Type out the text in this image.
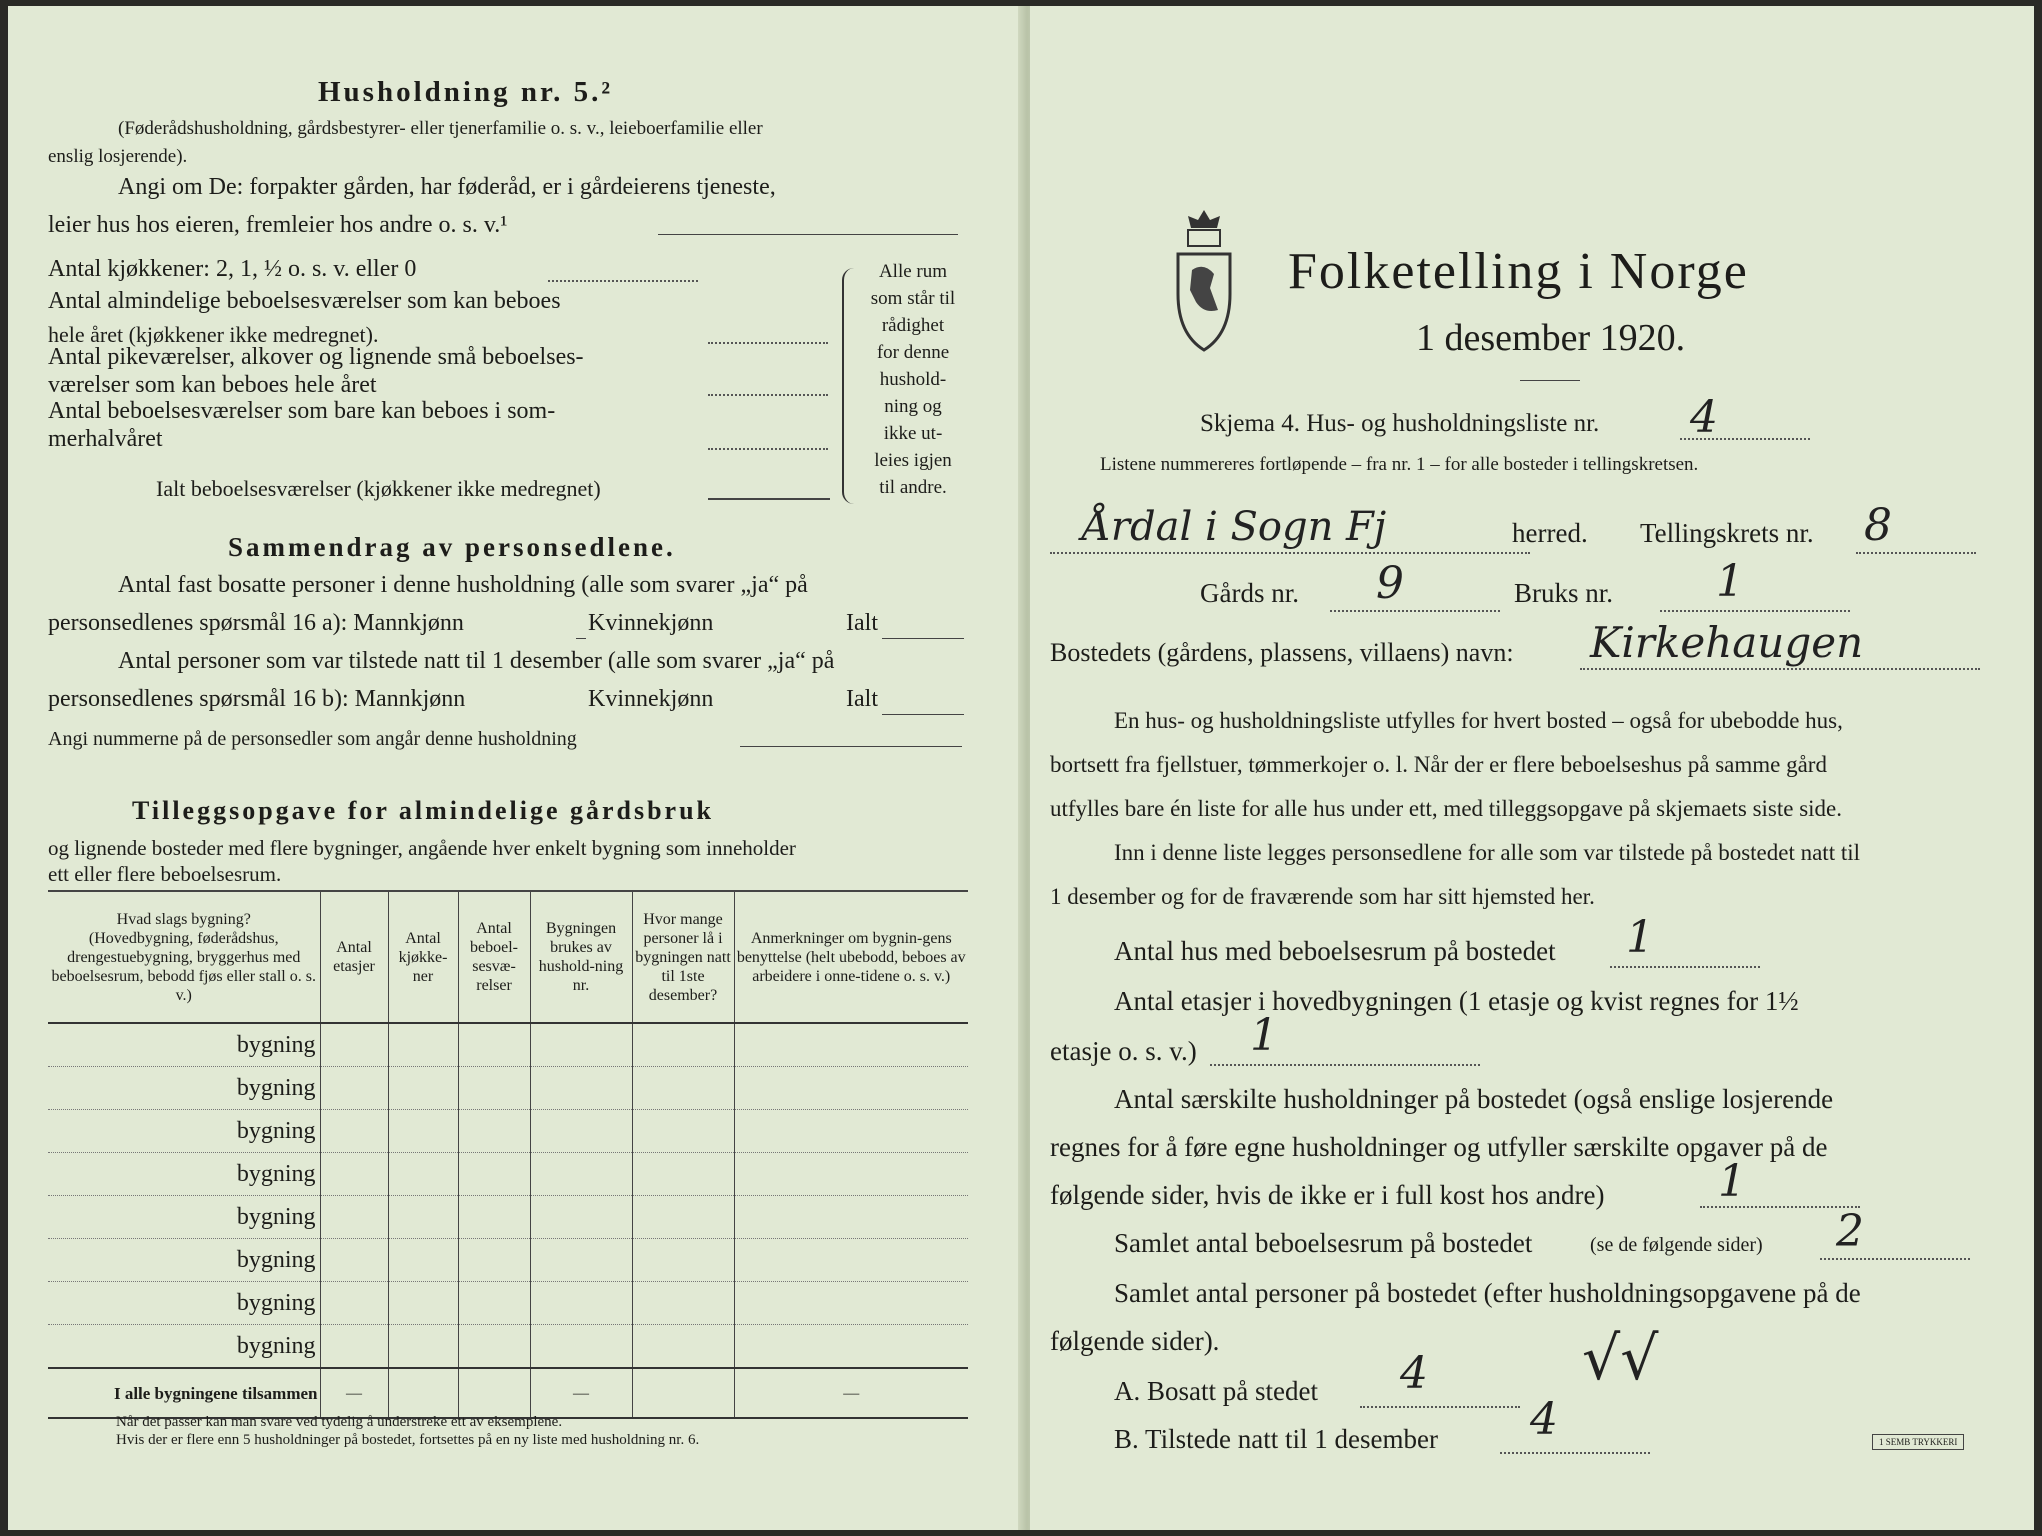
Husholdning nr. 5.²
(Føderådshusholdning, gårdsbestyrer- eller tjenerfamilie o. s. v., leieboerfamilie eller
enslig losjerende).
Angi om De: forpakter gården, har føderåd, er i gårdeierens tjeneste,
leier hus hos eieren, fremleier hos andre o. s. v.¹
Antal kjøkkener: 2, 1, ½ o. s. v. eller 0
Antal almindelige beboelsesværelser som kan beboes
hele året (kjøkkener ikke medregnet).
Antal pikeværelser, alkover og lignende små beboelses-
værelser som kan beboes hele året
Antal beboelsesværelser som bare kan beboes i som-
merhalvåret
Ialt beboelsesværelser (kjøkkener ikke medregnet)
Alle rum
som står til
rådighet
for denne
hushold-
ning og
ikke ut-
leies igjen
til andre.
Sammendrag av personsedlene.
Antal fast bosatte personer i denne husholdning (alle som svarer „ja“ på
personsedlenes spørsmål 16 a): Mannkjønn	Kvinnekjønn	Ialt
Antal personer som var tilstede natt til 1 desember (alle som svarer „ja“ på
personsedlenes spørsmål 16 b): Mannkjønn	Kvinnekjønn	Ialt
Angi nummerne på de personsedler som angår denne husholdning
Tilleggsopgave for almindelige gårdsbruk
og lignende bosteder med flere bygninger, angående hver enkelt bygning som inneholder
ett eller flere beboelsesrum.
Hvad slags bygning?
(Hovedbygning, føderådshus, drengestuebygning, bryggerhus med beboelsesrum, bebodd fjøs eller stall o. s. v.)	Antal etasjer	Antal kjøkke-ner	Antal beboel-sesvæ-relser	Bygningen brukes av hushold-ning nr.	Hvor mange personer lå i bygningen natt til 1ste desember?	Anmerkninger om bygnin-gens benyttelse (helt ubebodd, beboes av arbeidere i onne-tidene o. s. v.)
bygning						
bygning						
bygning						
bygning						
bygning						
bygning						
bygning						
bygning						
I alle bygningene tilsammen	—			—		—
Når det passer kan man svare ved tydelig å understreke ett av eksemplene.
Hvis der er flere enn 5 husholdninger på bostedet, fortsettes på en ny liste med husholdning nr. 6.
Folketelling i Norge
1 desember 1920.
Skjema 4. Hus- og husholdningsliste nr. 4
Listene nummereres fortløpende – fra nr. 1 – for alle bosteder i tellingskretsen.
Årdal i Sogn Fj	herred. Tellingskrets nr. 8
Gårds nr. 9	Bruks nr. 1
Bostedets (gårdens, plassens, villaens) navn: Kirkehaugen
En hus- og husholdningsliste utfylles for hvert bosted – også for ubebodde hus,
bortsett fra fjellstuer, tømmerkojer o. l. Når der er flere beboelseshus på samme gård
utfylles bare én liste for alle hus under ett, med tilleggsopgave på skjemaets siste side.
Inn i denne liste legges personsedlene for alle som var tilstede på bostedet natt til
1 desember og for de fraværende som har sitt hjemsted her.
Antal hus med beboelsesrum på bostedet 1
Antal etasjer i hovedbygningen (1 etasje og kvist regnes for 1½
etasje o. s. v.) 1
Antal særskilte husholdninger på bostedet (også enslige losjerende
regnes for å føre egne husholdninger og utfyller særskilte opgaver på de
følgende sider, hvis de ikke er i full kost hos andre)	1
Samlet antal beboelsesrum på bostedet	(se de følgende sider) 2
Samlet antal personer på bostedet (efter husholdningsopgavene på de
følgende sider).
A. Bosatt på stedet 4	√√
B. Tilstede natt til 1 desember 4	1 SEMB TRYKKERI
